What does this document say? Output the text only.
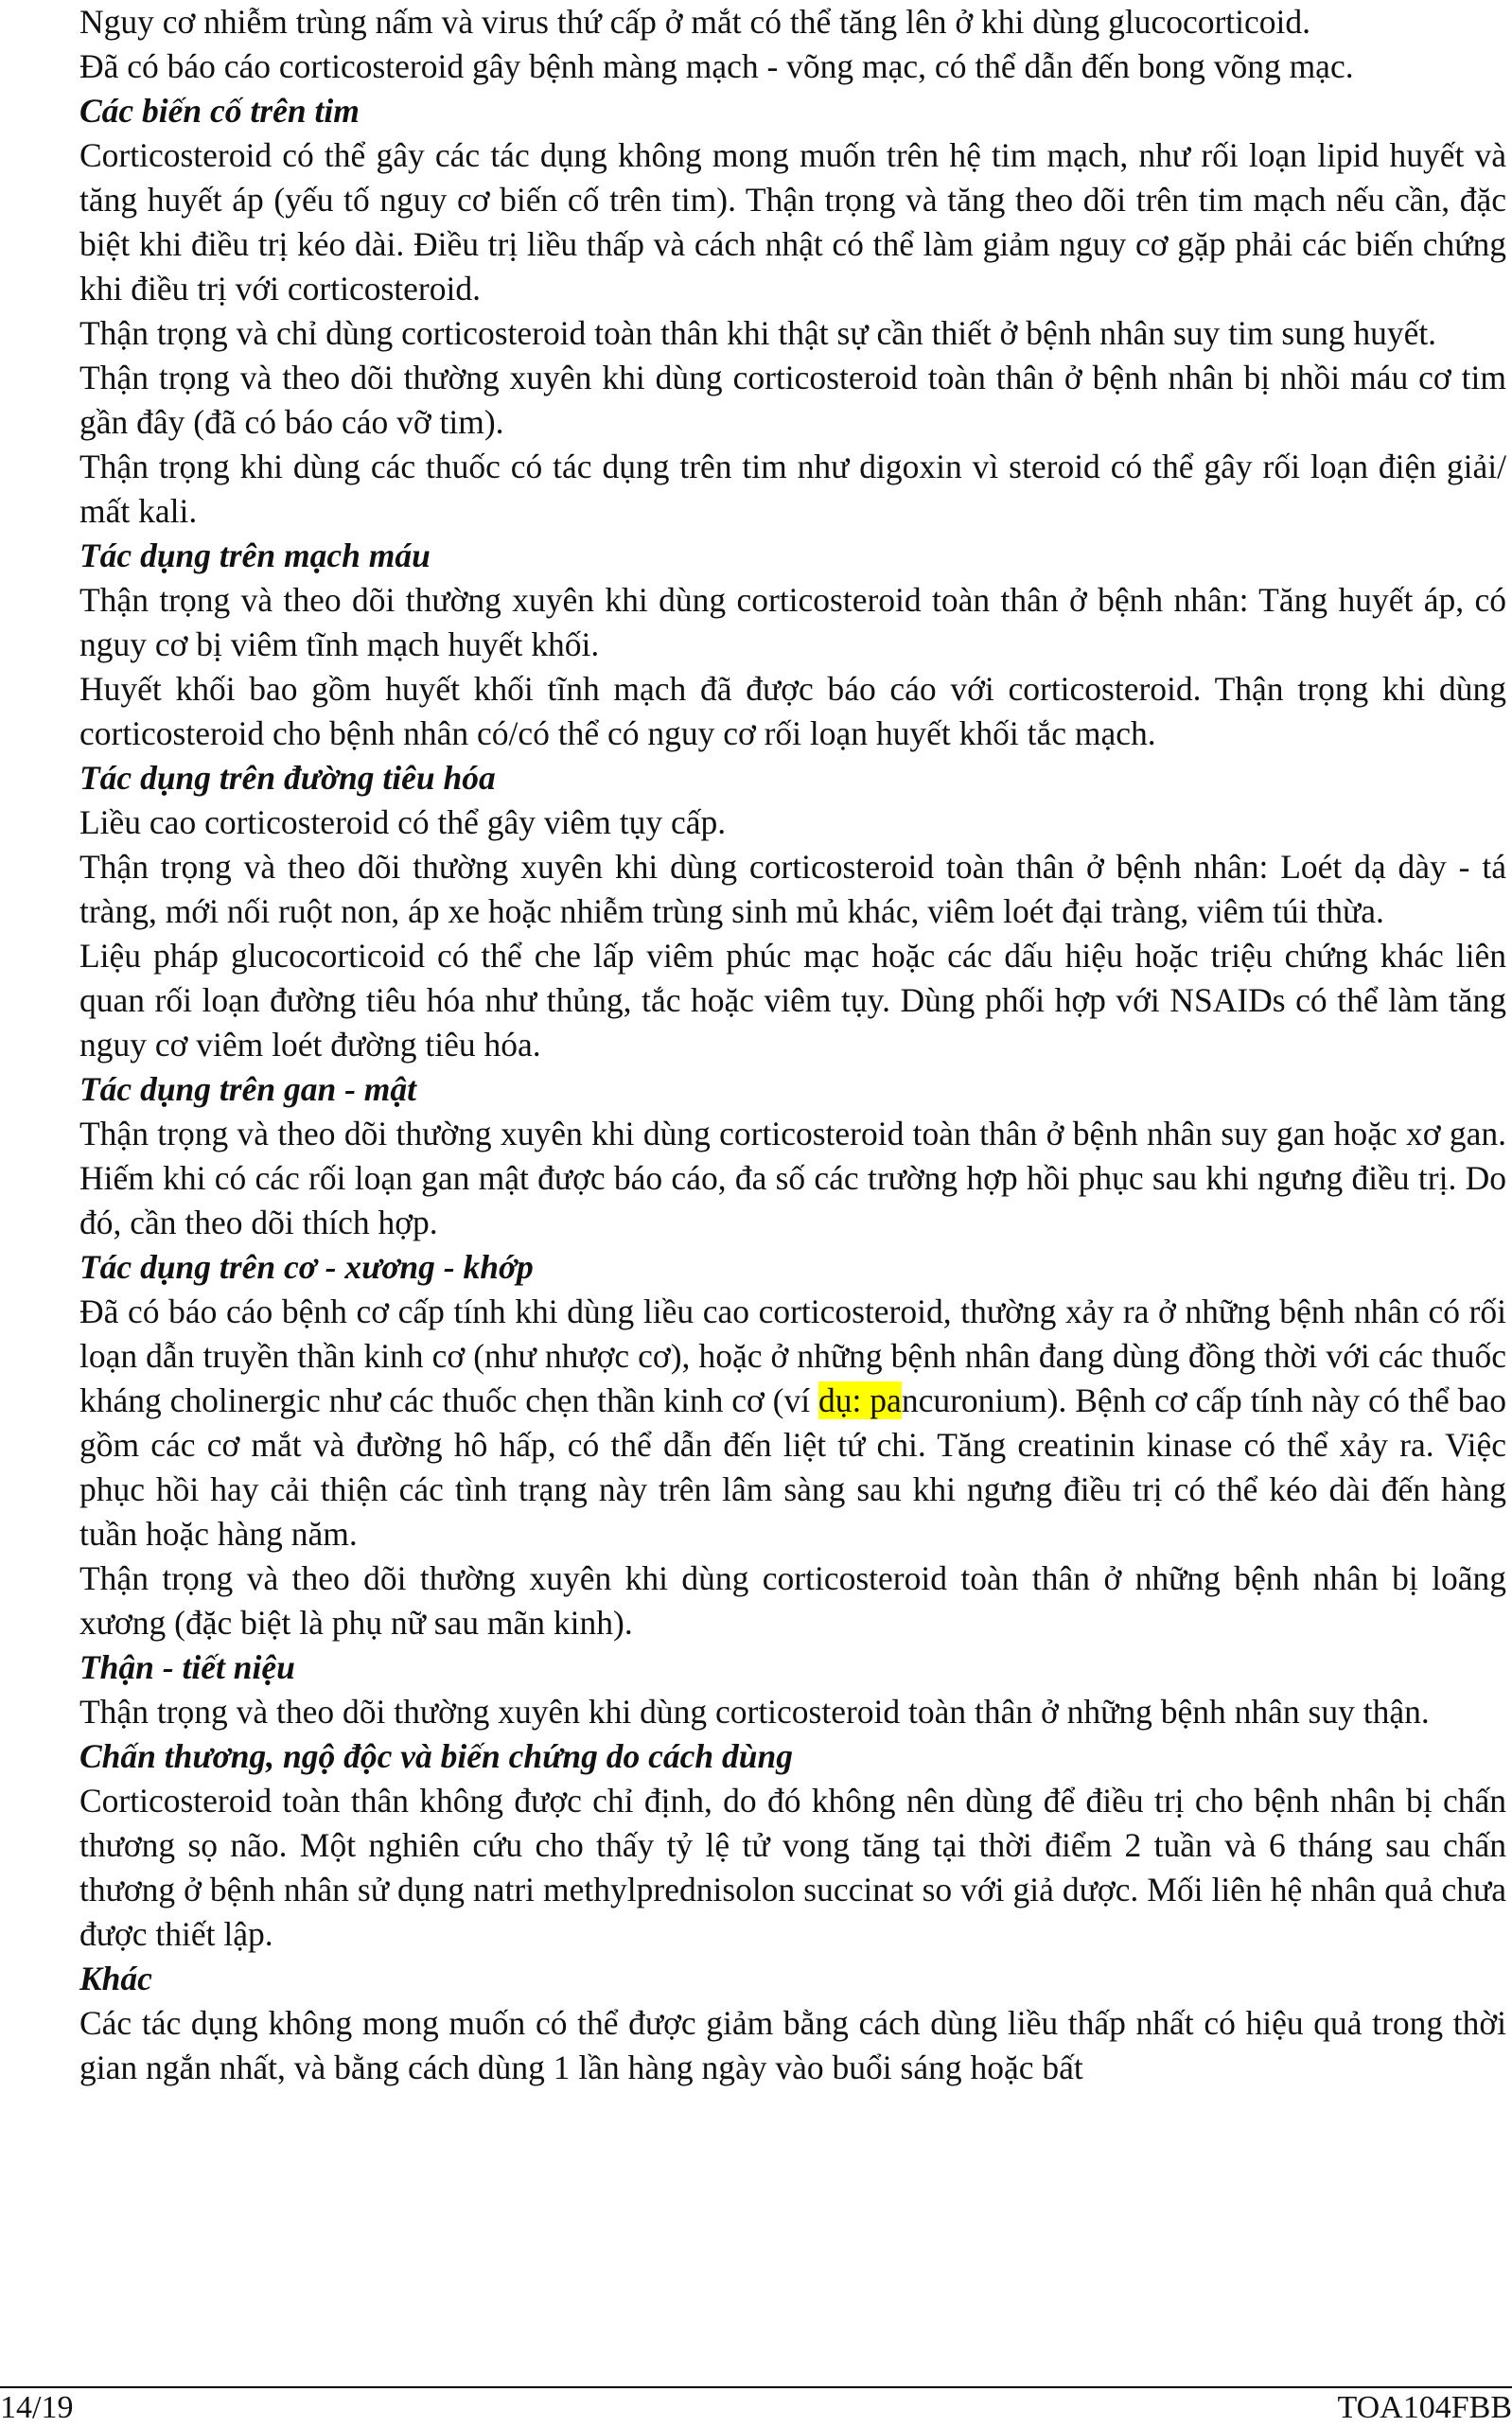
Nguy cơ nhiễm trùng nấm và virus thứ cấp ở mắt có thể tăng lên ở khi dùng glucocorticoid.

Đã có báo cáo corticosteroid gây bệnh màng mạch - võng mạc, có thể dẫn đến bong võng mạc.

Các biến cố trên tim

Corticosteroid có thể gây các tác dụng không mong muốn trên hệ tim mạch, như rối loạn lipid huyết và tăng huyết áp (yếu tố nguy cơ biến cố trên tim). Thận trọng và tăng theo dõi trên tim mạch nếu cần, đặc biệt khi điều trị kéo dài. Điều trị liều thấp và cách nhật có thể làm giảm nguy cơ gặp phải các biến chứng khi điều trị với corticosteroid.

Thận trọng và chỉ dùng corticosteroid toàn thân khi thật sự cần thiết ở bệnh nhân suy tim sung huyết.

Thận trọng và theo dõi thường xuyên khi dùng corticosteroid toàn thân ở bệnh nhân bị nhồi máu cơ tim gần đây (đã có báo cáo vỡ tim).

Thận trọng khi dùng các thuốc có tác dụng trên tim như digoxin vì steroid có thể gây rối loạn điện giải/ mất kali.

Tác dụng trên mạch máu

Thận trọng và theo dõi thường xuyên khi dùng corticosteroid toàn thân ở bệnh nhân: Tăng huyết áp, có nguy cơ bị viêm tĩnh mạch huyết khối.

Huyết khối bao gồm huyết khối tĩnh mạch đã được báo cáo với corticosteroid. Thận trọng khi dùng corticosteroid cho bệnh nhân có/có thể có nguy cơ rối loạn huyết khối tắc mạch.

Tác dụng trên đường tiêu hóa

Liều cao corticosteroid có thể gây viêm tụy cấp.

Thận trọng và theo dõi thường xuyên khi dùng corticosteroid toàn thân ở bệnh nhân: Loét dạ dày - tá tràng, mới nối ruột non, áp xe hoặc nhiễm trùng sinh mủ khác, viêm loét đại tràng, viêm túi thừa.

Liệu pháp glucocorticoid có thể che lấp viêm phúc mạc hoặc các dấu hiệu hoặc triệu chứng khác liên quan rối loạn đường tiêu hóa như thủng, tắc hoặc viêm tụy. Dùng phối hợp với NSAIDs có thể làm tăng nguy cơ viêm loét đường tiêu hóa.

Tác dụng trên gan - mật

Thận trọng và theo dõi thường xuyên khi dùng corticosteroid toàn thân ở bệnh nhân suy gan hoặc xơ gan. Hiếm khi có các rối loạn gan mật được báo cáo, đa số các trường hợp hồi phục sau khi ngưng điều trị. Do đó, cần theo dõi thích hợp.

Tác dụng trên cơ - xương - khớp

Đã có báo cáo bệnh cơ cấp tính khi dùng liều cao corticosteroid, thường xảy ra ở những bệnh nhân có rối loạn dẫn truyền thần kinh cơ (như nhược cơ), hoặc ở những bệnh nhân đang dùng đồng thời với các thuốc kháng cholinergic như các thuốc chẹn thần kinh cơ (ví dụ: pancuronium). Bệnh cơ cấp tính này có thể bao gồm các cơ mắt và đường hô hấp, có thể dẫn đến liệt tứ chi. Tăng creatinin kinase có thể xảy ra. Việc phục hồi hay cải thiện các tình trạng này trên lâm sàng sau khi ngưng điều trị có thể kéo dài đến hàng tuần hoặc hàng năm.

Thận trọng và theo dõi thường xuyên khi dùng corticosteroid toàn thân ở những bệnh nhân bị loãng xương (đặc biệt là phụ nữ sau mãn kinh).

Thận - tiết niệu

Thận trọng và theo dõi thường xuyên khi dùng corticosteroid toàn thân ở những bệnh nhân suy thận.

Chấn thương, ngộ độc và biến chứng do cách dùng

Corticosteroid toàn thân không được chỉ định, do đó không nên dùng để điều trị cho bệnh nhân bị chấn thương sọ não. Một nghiên cứu cho thấy tỷ lệ tử vong tăng tại thời điểm 2 tuần và 6 tháng sau chấn thương ở bệnh nhân sử dụng natri methylprednisolon succinat so với giả dược. Mối liên hệ nhân quả chưa được thiết lập.

Khác

Các tác dụng không mong muốn có thể được giảm bằng cách dùng liều thấp nhất có hiệu quả trong thời gian ngắn nhất, và bằng cách dùng 1 lần hàng ngày vào buổi sáng hoặc bất

14/19	TOA104FBB
